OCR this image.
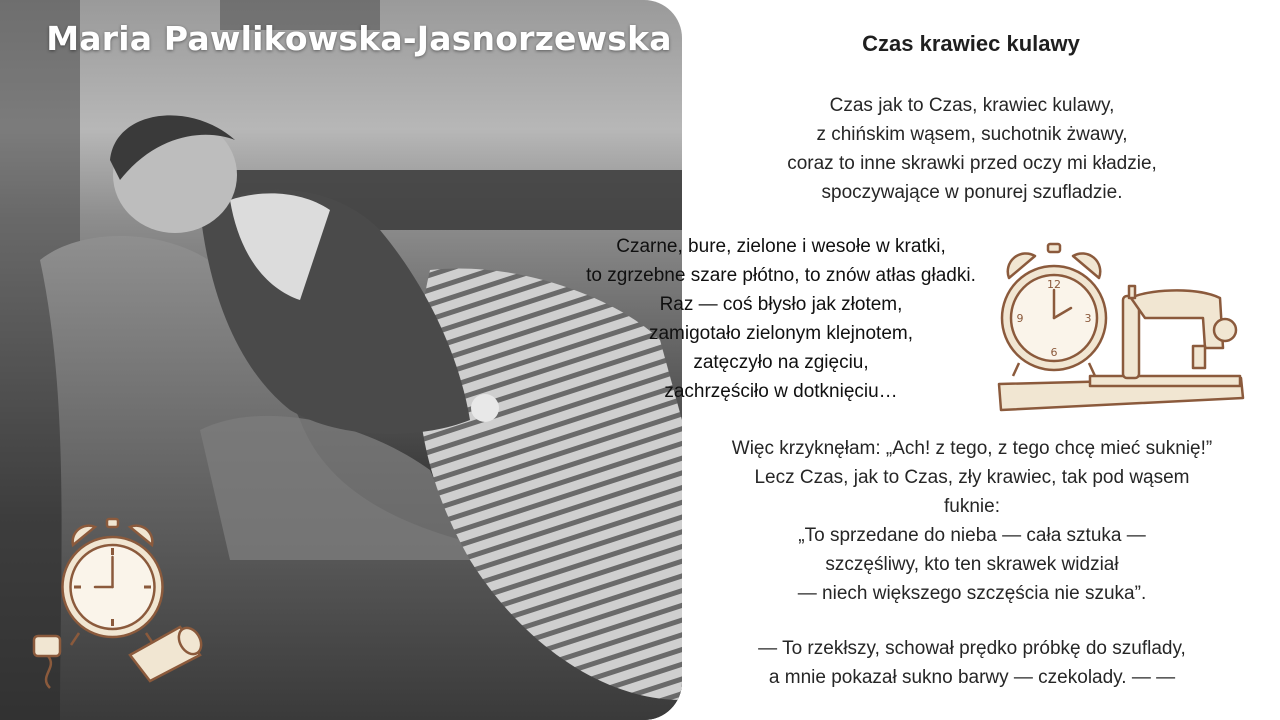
Maria Pawlikowska-Jasnorzewska	Czas krawiec kulawy
Czas jak to Czas, krawiec kulawy,
z chińskim wąsem, suchotnik żwawy,
coraz to inne skrawki przed oczy mi kładzie,
spoczywające w ponurej szufladzie.
Czarne, bure, zielone i wesołe w kratki,
to zgrzebne szare płótno, to znów atłas gładki.
Raz — coś błysło jak złotem,
zamigotało zielonym klejnotem,
zatęczyło na zgięciu,
zachrzęściło w dotknięciu…
Więc krzyknęłam: „Ach! z tego, z tego chcę mieć suknię!”
Lecz Czas, jak to Czas, zły krawiec, tak pod wąsem
fuknie:
„To sprzedane do nieba — cała sztuka —
szczęśliwy, kto ten skrawek widział
— niech większego szczęścia nie szuka”.
— To rzekłszy, schował prędko próbkę do szuflady,
a mnie pokazał sukno barwy — czekolady. — —
12
3
6
9
